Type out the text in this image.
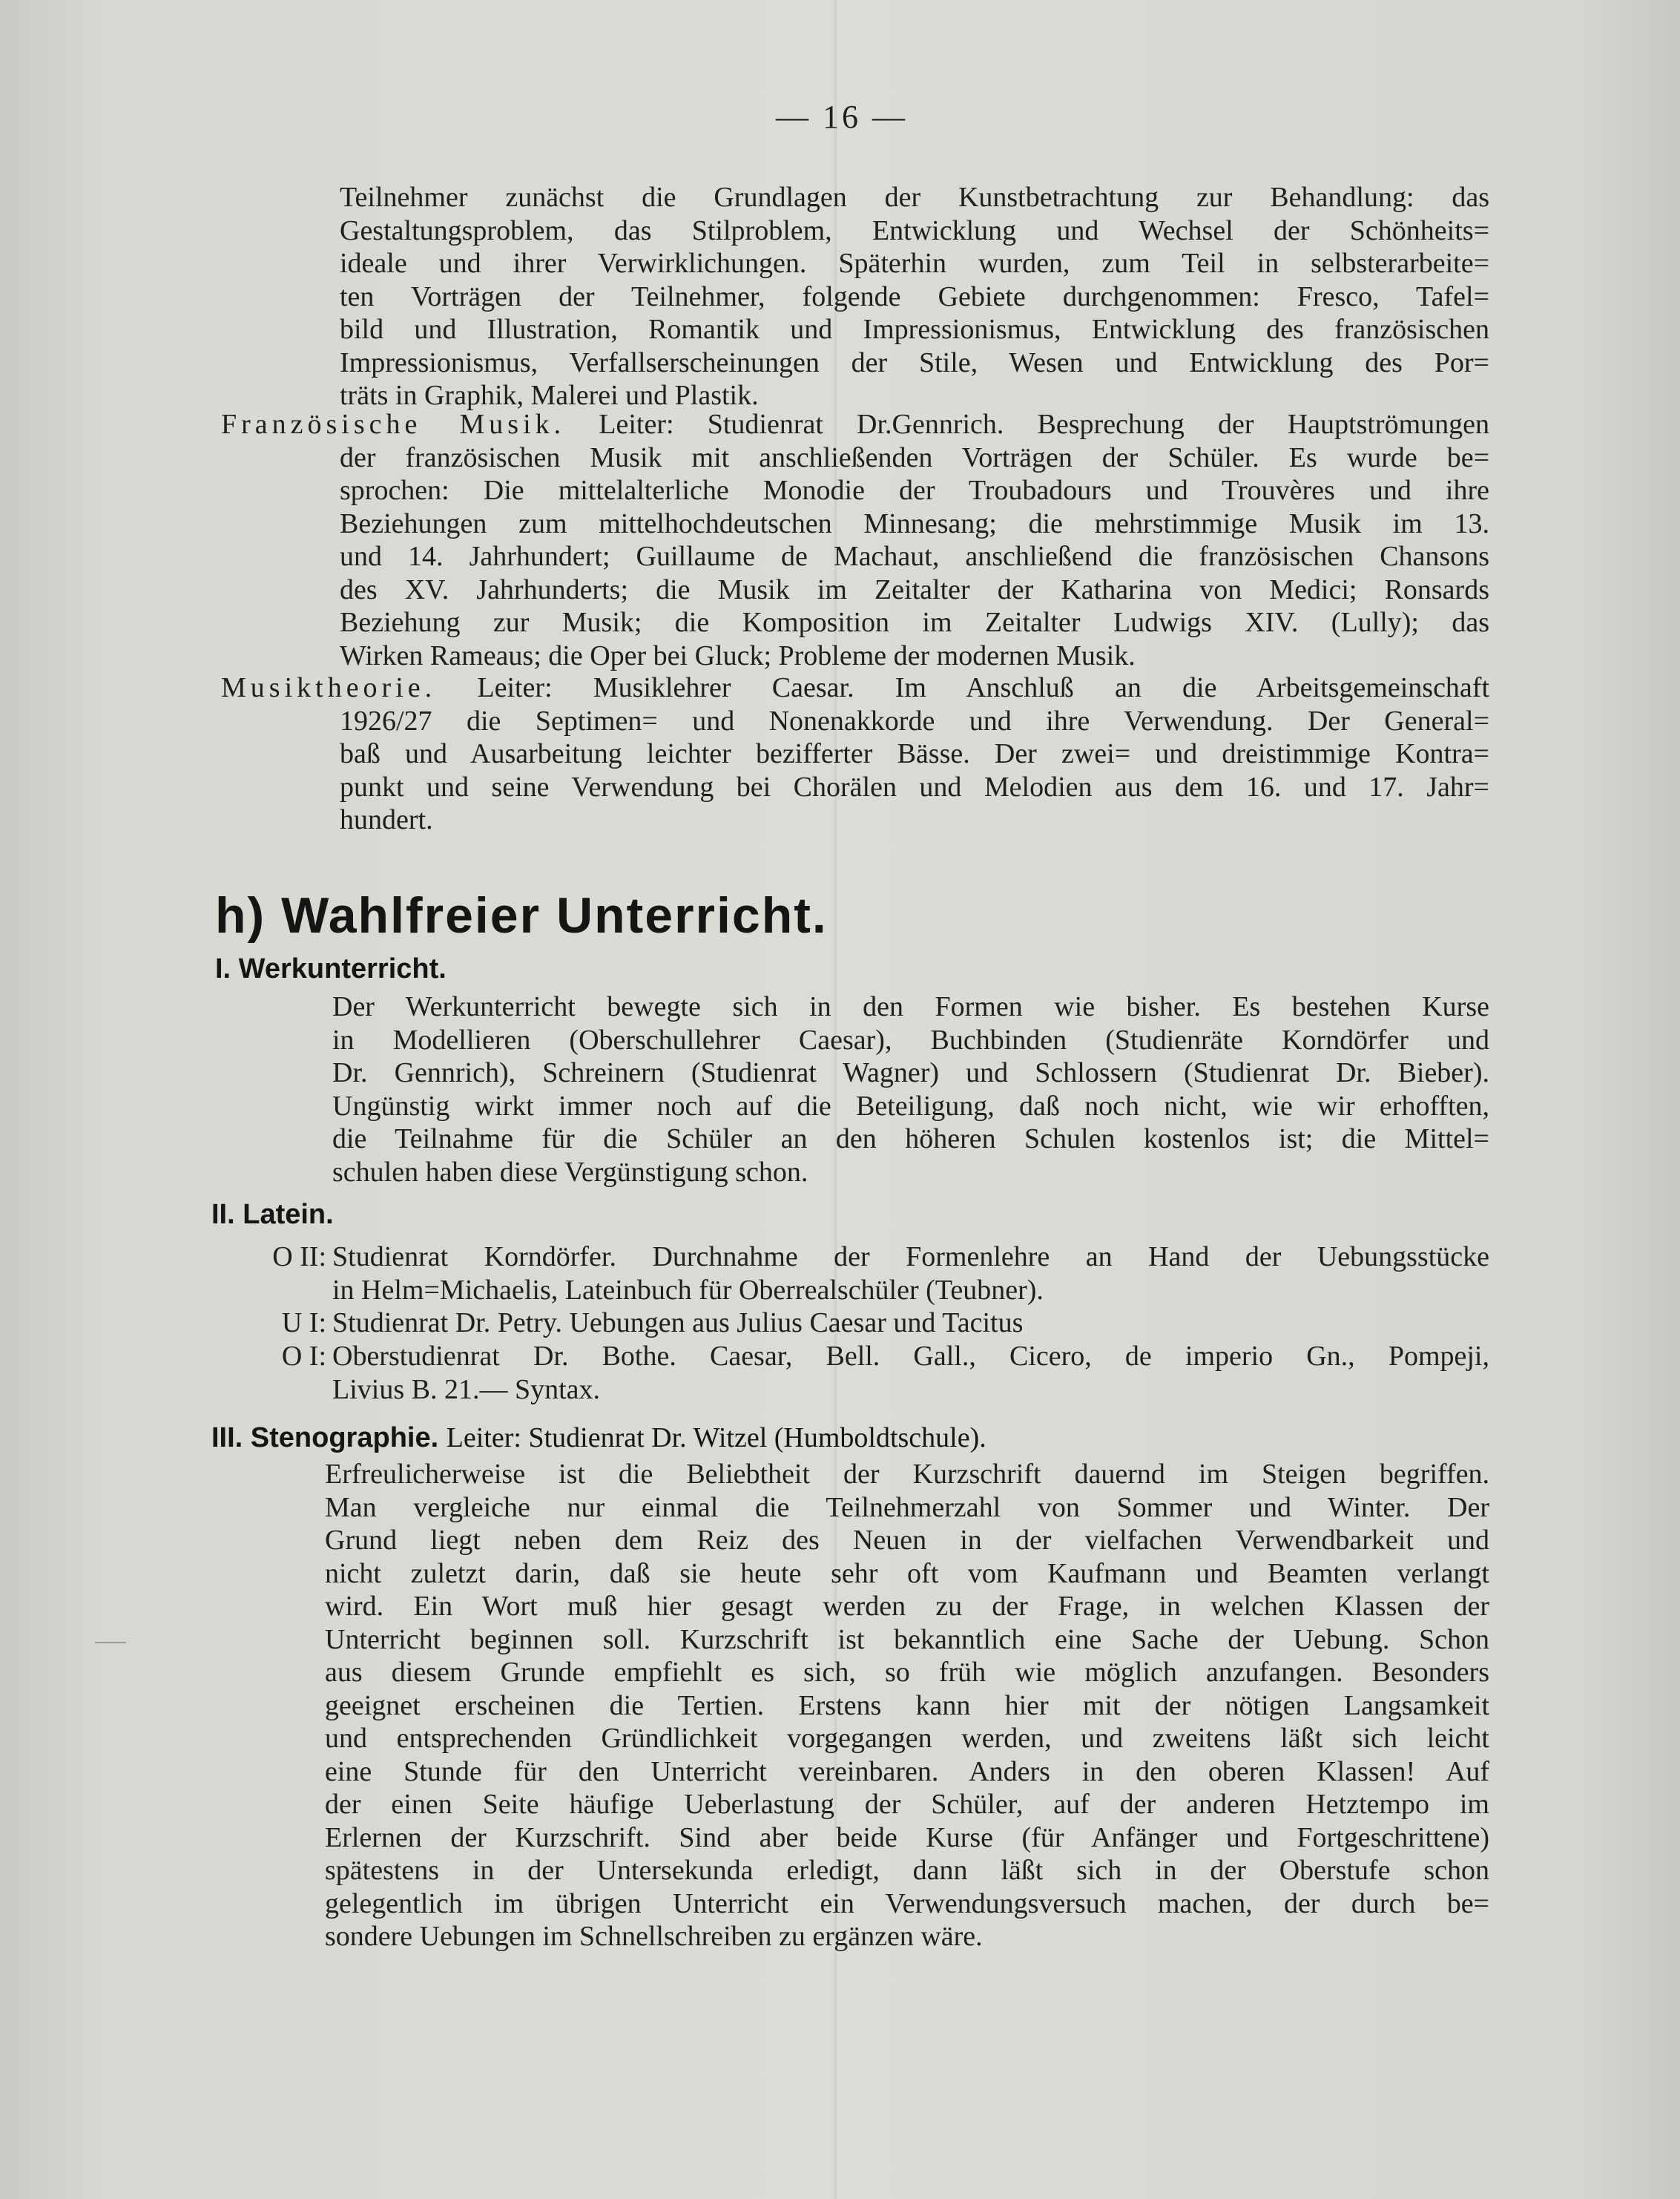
— 16 —
Teilnehmer zunächst die Grundlagen der Kunstbetrachtung zur Behandlung: das
Gestaltungsproblem, das Stilproblem, Entwicklung und Wechsel der Schönheits=
ideale und ihrer Verwirklichungen. Späterhin wurden, zum Teil in selbsterarbeite=
ten Vorträgen der Teilnehmer, folgende Gebiete durchgenommen: Fresco, Tafel=
bild und Illustration, Romantik und Impressionismus, Entwicklung des französischen
Impressionismus, Verfallserscheinungen der Stile, Wesen und Entwicklung des Por=
träts in Graphik, Malerei und Plastik.
Französische Musik. Leiter: Studienrat Dr.Gennrich. Besprechung der Hauptströmungen
der französischen Musik mit anschließenden Vorträgen der Schüler. Es wurde be=
sprochen: Die mittelalterliche Monodie der Troubadours und Trouvères und ihre
Beziehungen zum mittelhochdeutschen Minnesang; die mehrstimmige Musik im 13.
und 14. Jahrhundert; Guillaume de Machaut, anschließend die französischen Chansons
des XV. Jahrhunderts; die Musik im Zeitalter der Katharina von Medici; Ronsards
Beziehung zur Musik; die Komposition im Zeitalter Ludwigs XIV. (Lully); das
Wirken Rameaus; die Oper bei Gluck; Probleme der modernen Musik.
Musiktheorie. Leiter: Musiklehrer Caesar. Im Anschluß an die Arbeitsgemeinschaft
1926/27 die Septimen= und Nonenakkorde und ihre Verwendung. Der General=
baß und Ausarbeitung leichter bezifferter Bässe. Der zwei= und dreistimmige Kontra=
punkt und seine Verwendung bei Chorälen und Melodien aus dem 16. und 17. Jahr=
hundert.
h) Wahlfreier Unterricht.
I. Werkunterricht.
Der Werkunterricht bewegte sich in den Formen wie bisher. Es bestehen Kurse
in Modellieren (Oberschullehrer Caesar), Buchbinden (Studienräte Korndörfer und
Dr. Gennrich), Schreinern (Studienrat Wagner) und Schlossern (Studienrat Dr. Bieber).
Ungünstig wirkt immer noch auf die Beteiligung, daß noch nicht, wie wir erhofften,
die Teilnahme für die Schüler an den höheren Schulen kostenlos ist; die Mittel=
schulen haben diese Vergünstigung schon.
II. Latein.
O II: Studienrat Korndörfer. Durchnahme der Formenlehre an Hand der Uebungsstücke
in Helm=Michaelis, Lateinbuch für Oberrealschüler (Teubner).
U I: Studienrat Dr. Petry. Uebungen aus Julius Caesar und Tacitus
O I: Oberstudienrat Dr. Bothe. Caesar, Bell. Gall., Cicero, de imperio Gn., Pompeji,
Livius B. 21.— Syntax.
III. Stenographie. Leiter: Studienrat Dr. Witzel (Humboldtschule).
Erfreulicherweise ist die Beliebtheit der Kurzschrift dauernd im Steigen begriffen.
Man vergleiche nur einmal die Teilnehmerzahl von Sommer und Winter. Der
Grund liegt neben dem Reiz des Neuen in der vielfachen Verwendbarkeit und
nicht zuletzt darin, daß sie heute sehr oft vom Kaufmann und Beamten verlangt
wird. Ein Wort muß hier gesagt werden zu der Frage, in welchen Klassen der
Unterricht beginnen soll. Kurzschrift ist bekanntlich eine Sache der Uebung. Schon
aus diesem Grunde empfiehlt es sich, so früh wie möglich anzufangen. Besonders
geeignet erscheinen die Tertien. Erstens kann hier mit der nötigen Langsamkeit
und entsprechenden Gründlichkeit vorgegangen werden, und zweitens läßt sich leicht
eine Stunde für den Unterricht vereinbaren. Anders in den oberen Klassen! Auf
der einen Seite häufige Ueberlastung der Schüler, auf der anderen Hetztempo im
Erlernen der Kurzschrift. Sind aber beide Kurse (für Anfänger und Fortgeschrittene)
spätestens in der Untersekunda erledigt, dann läßt sich in der Oberstufe schon
gelegentlich im übrigen Unterricht ein Verwendungsversuch machen, der durch be=
sondere Uebungen im Schnellschreiben zu ergänzen wäre.
